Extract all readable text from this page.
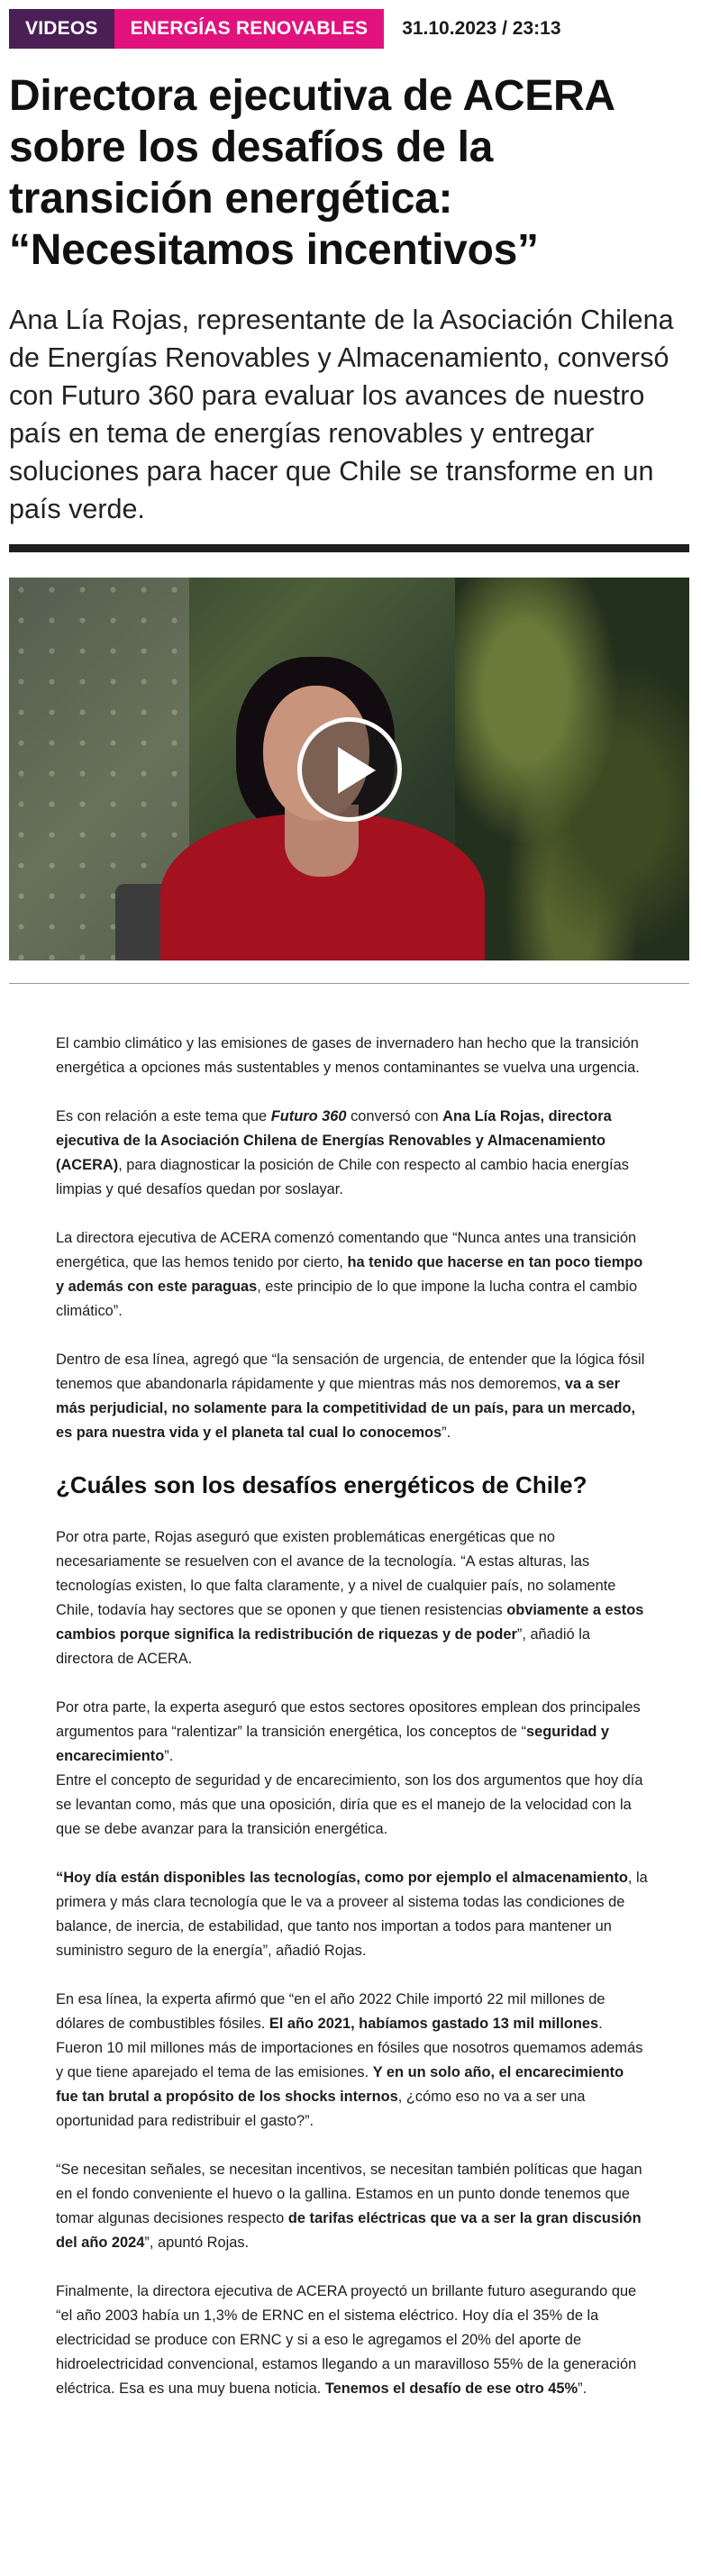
VIDEOS	ENERGÍAS RENOVABLES	31.10.2023 / 23:13
Directora ejecutiva de ACERA sobre los desafíos de la transición energética: “Necesitamos incentivos”

Ana Lía Rojas, representante de la Asociación Chilena de Energías Renovables y Almacenamiento, conversó con Futuro 360 para evaluar los avances de nuestro país en tema de energías renovables y entregar soluciones para hacer que Chile se transforme en un país verde.

El cambio climático y las emisiones de gases de invernadero han hecho que la transición energética a opciones más sustentables y menos contaminantes se vuelva una urgencia.

Es con relación a este tema que Futuro 360 conversó con Ana Lía Rojas, directora ejecutiva de la Asociación Chilena de Energías Renovables y Almacenamiento (ACERA), para diagnosticar la posición de Chile con respecto al cambio hacia energías limpias y qué desafíos quedan por soslayar.

La directora ejecutiva de ACERA comenzó comentando que “Nunca antes una transición energética, que las hemos tenido por cierto, ha tenido que hacerse en tan poco tiempo y además con este paraguas, este principio de lo que impone la lucha contra el cambio climático”.

Dentro de esa línea, agregó que “la sensación de urgencia, de entender que la lógica fósil tenemos que abandonarla rápidamente y que mientras más nos demoremos, va a ser más perjudicial, no solamente para la competitividad de un país, para un mercado, es para nuestra vida y el planeta tal cual lo conocemos”.

¿Cuáles son los desafíos energéticos de Chile?

Por otra parte, Rojas aseguró que existen problemáticas energéticas que no necesariamente se resuelven con el avance de la tecnología. “A estas alturas, las tecnologías existen, lo que falta claramente, y a nivel de cualquier país, no solamente Chile, todavía hay sectores que se oponen y que tienen resistencias obviamente a estos cambios porque significa la redistribución de riquezas y de poder”, añadió la directora de ACERA.

Por otra parte, la experta aseguró que estos sectores opositores emplean dos principales argumentos para “ralentizar” la transición energética, los conceptos de “seguridad y encarecimiento”.

Entre el concepto de seguridad y de encarecimiento, son los dos argumentos que hoy día se levantan como, más que una oposición, diría que es el manejo de la velocidad con la que se debe avanzar para la transición energética.

“Hoy día están disponibles las tecnologías, como por ejemplo el almacenamiento, la primera y más clara tecnología que le va a proveer al sistema todas las condiciones de balance, de inercia, de estabilidad, que tanto nos importan a todos para mantener un suministro seguro de la energía”, añadió Rojas.

En esa línea, la experta afirmó que “en el año 2022 Chile importó 22 mil millones de dólares de combustibles fósiles. El año 2021, habíamos gastado 13 mil millones. Fueron 10 mil millones más de importaciones en fósiles que nosotros quemamos además y que tiene aparejado el tema de las emisiones. Y en un solo año, el encarecimiento fue tan brutal a propósito de los shocks internos, ¿cómo eso no va a ser una oportunidad para redistribuir el gasto?”.

“Se necesitan señales, se necesitan incentivos, se necesitan también políticas que hagan en el fondo conveniente el huevo o la gallina. Estamos en un punto donde tenemos que tomar algunas decisiones respecto de tarifas eléctricas que va a ser la gran discusión del año 2024”, apuntó Rojas.

Finalmente, la directora ejecutiva de ACERA proyectó un brillante futuro asegurando que “el año 2003 había un 1,3% de ERNC en el sistema eléctrico. Hoy día el 35% de la electricidad se produce con ERNC y si a eso le agregamos el 20% del aporte de hidroelectricidad convencional, estamos llegando a un maravilloso 55% de la generación eléctrica. Esa es una muy buena noticia. Tenemos el desafío de ese otro 45%”.
